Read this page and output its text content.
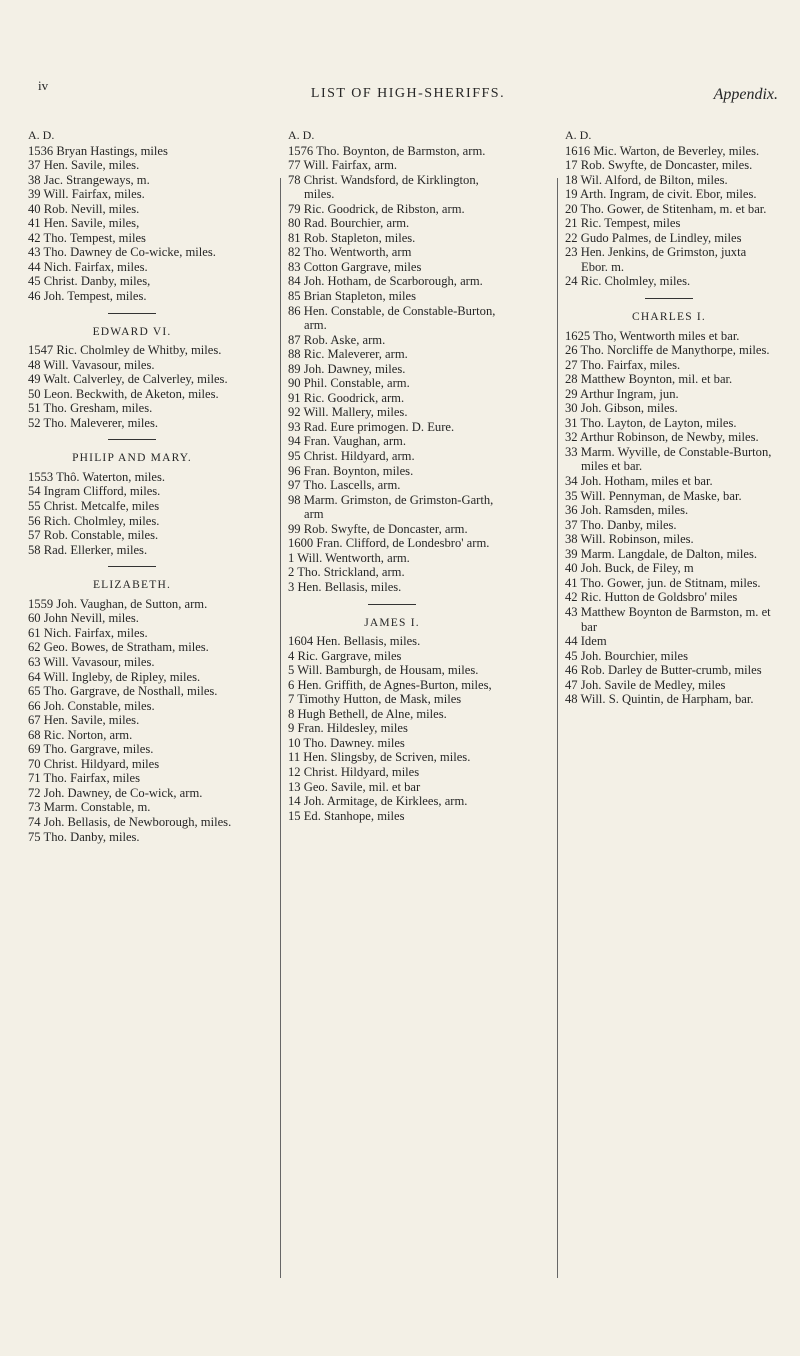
iv
LIST OF HIGH-SHERIFFS.	Appendix.
A. D.

1536 Bryan Hastings, miles

37 Hen. Savile, miles.

38 Jac. Strangeways, m.

39 Will. Fairfax, miles.

40 Rob. Nevill, miles.

41 Hen. Savile, miles,

42 Tho. Tempest, miles

43 Tho. Dawney de Co-wicke, miles.

44 Nich. Fairfax, miles.

45 Christ. Danby, miles,

46 Joh. Tempest, miles.

EDWARD VI.

1547 Ric. Cholmley de Whitby, miles.

48 Will. Vavasour, miles.

49 Walt. Calverley, de Calverley, miles.

50 Leon. Beckwith, de Aketon, miles.

51 Tho. Gresham, miles.

52 Tho. Maleverer, miles.

PHILIP AND MARY.

1553 Thô. Waterton, miles.

54 Ingram Clifford, miles.

55 Christ. Metcalfe, miles

56 Rich. Cholmley, miles.

57 Rob. Constable, miles.

58 Rad. Ellerker, miles.

ELIZABETH.

1559 Joh. Vaughan, de Sutton, arm.

60 John Nevill, miles.

61 Nich. Fairfax, miles.

62 Geo. Bowes, de Stratham, miles.

63 Will. Vavasour, miles.

64 Will. Ingleby, de Ripley, miles.

65 Tho. Gargrave, de Nosthall, miles.

66 Joh. Constable, miles.

67 Hen. Savile, miles.

68 Ric. Norton, arm.

69 Tho. Gargrave, miles.

70 Christ. Hildyard, miles

71 Tho. Fairfax, miles

72 Joh. Dawney, de Co-wick, arm.

73 Marm. Constable, m.

74 Joh. Bellasis, de Newborough, miles.

75 Tho. Danby, miles.

A. D.

1576 Tho. Boynton, de Barmston, arm.

77 Will. Fairfax, arm.

78 Christ. Wandsford, de Kirklington, miles.

79 Ric. Goodrick, de Ribston, arm.

80 Rad. Bourchier, arm.

81 Rob. Stapleton, miles.

82 Tho. Wentworth, arm

83 Cotton Gargrave, miles

84 Joh. Hotham, de Scarborough, arm.

85 Brian Stapleton, miles

86 Hen. Constable, de Constable-Burton, arm.

87 Rob. Aske, arm.

88 Ric. Maleverer, arm.

89 Joh. Dawney, miles.

90 Phil. Constable, arm.

91 Ric. Goodrick, arm.

92 Will. Mallery, miles.

93 Rad. Eure primogen. D. Eure.

94 Fran. Vaughan, arm.

95 Christ. Hildyard, arm.

96 Fran. Boynton, miles.

97 Tho. Lascells, arm.

98 Marm. Grimston, de Grimston-Garth, arm

99 Rob. Swyfte, de Doncaster, arm.

1600 Fran. Clifford, de Londesbro' arm.

1 Will. Wentworth, arm.

2 Tho. Strickland, arm.

3 Hen. Bellasis, miles.

JAMES I.

1604 Hen. Bellasis, miles.

4 Ric. Gargrave, miles

5 Will. Bamburgh, de Housam, miles.

6 Hen. Griffith, de Agnes-Burton, miles,

7 Timothy Hutton, de Mask, miles

8 Hugh Bethell, de Alne, miles.

9 Fran. Hildesley, miles

10 Tho. Dawney. miles

11 Hen. Slingsby, de Scriven, miles.

12 Christ. Hildyard, miles

13 Geo. Savile, mil. et bar

14 Joh. Armitage, de Kirklees, arm.

15 Ed. Stanhope, miles

A. D.

1616 Mic. Warton, de Beverley, miles.

17 Rob. Swyfte, de Doncaster, miles.

18 Wil. Alford, de Bilton, miles.

19 Arth. Ingram, de civit. Ebor, miles.

20 Tho. Gower, de Stitenham, m. et bar.

21 Ric. Tempest, miles

22 Gudo Palmes, de Lindley, miles

23 Hen. Jenkins, de Grimston, juxta Ebor. m.

24 Ric. Cholmley, miles.

CHARLES I.

1625 Tho, Wentworth miles et bar.

26 Tho. Norcliffe de Manythorpe, miles.

27 Tho. Fairfax, miles.

28 Matthew Boynton, mil. et bar.

29 Arthur Ingram, jun.

30 Joh. Gibson, miles.

31 Tho. Layton, de Layton, miles.

32 Arthur Robinson, de Newby, miles.

33 Marm. Wyville, de Constable-Burton, miles et bar.

34 Joh. Hotham, miles et bar.

35 Will. Pennyman, de Maske, bar.

36 Joh. Ramsden, miles.

37 Tho. Danby, miles.

38 Will. Robinson, miles.

39 Marm. Langdale, de Dalton, miles.

40 Joh. Buck, de Filey, m

41 Tho. Gower, jun. de Stitnam, miles.

42 Ric. Hutton de Goldsbro' miles

43 Matthew Boynton de Barmston, m. et bar

44 Idem

45 Joh. Bourchier, miles

46 Rob. Darley de Butter-crumb, miles

47 Joh. Savile de Medley, miles

48 Will. S. Quintin, de Harpham, bar.
